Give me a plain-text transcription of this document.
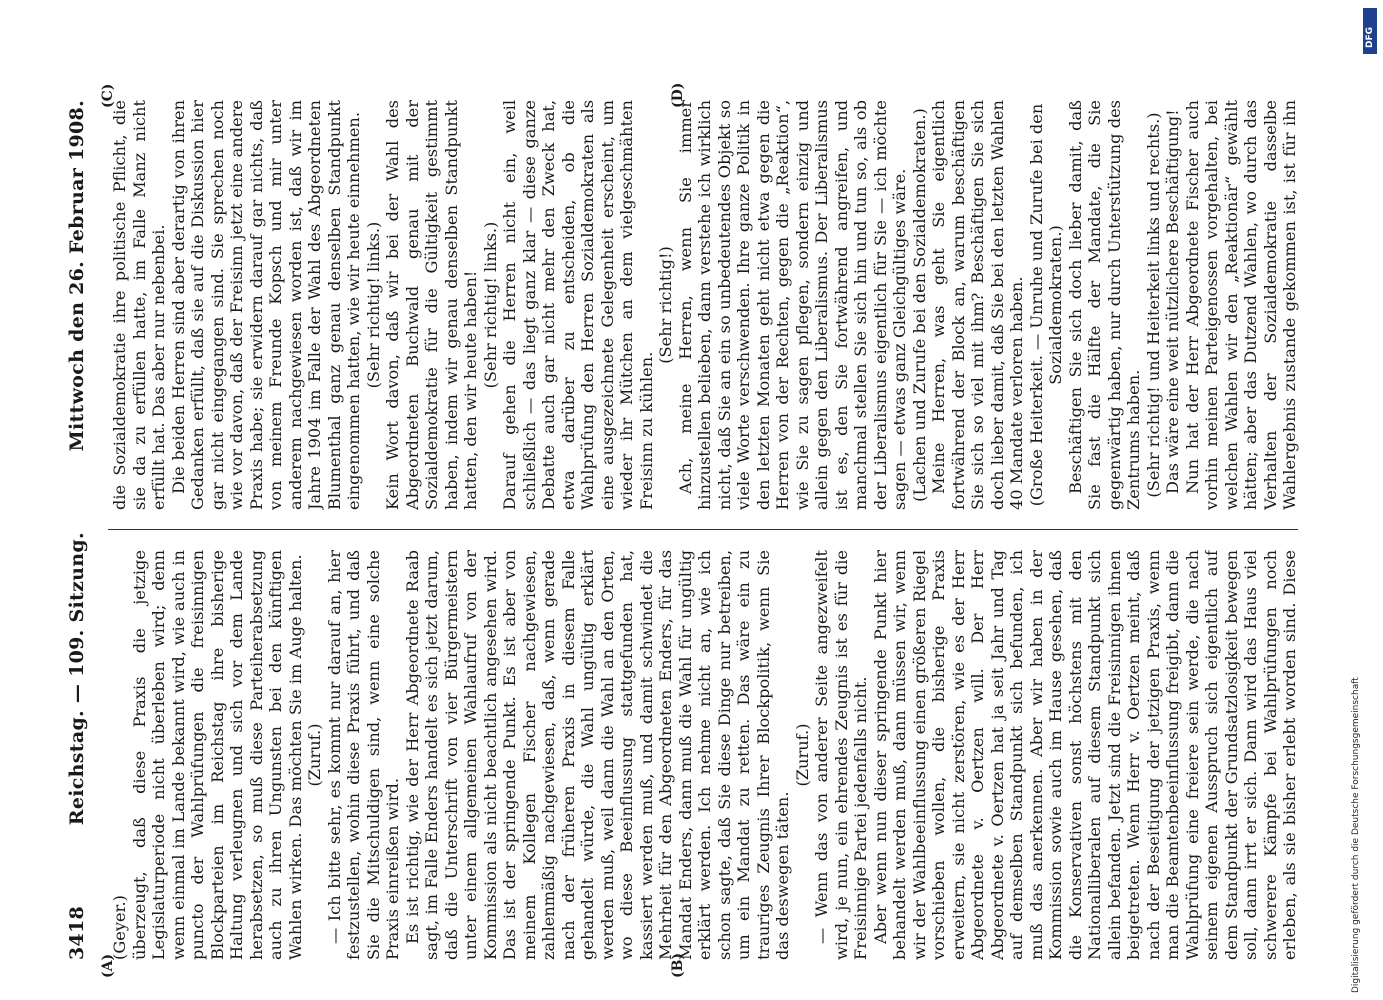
3418
Reichstag. — 109. Sitzung.
Mittwoch den 26. Februar 1908.

(Geyer.) überzeugt, daß diese Praxis die jetzige Legislaturperiode nicht überleben wird; denn wenn einmal im Lande bekannt wird, wie auch in puncto der Wahlprüfungen die freisinnigen Blockparteien im Reichstag ihre bisherige Haltung verleugnen und sich vor dem Lande herabsetzen, so muß diese Parteiherabsetzung auch zu ihren Ungunsten bei den künftigen Wahlen wirken. Das möchten Sie im Auge halten. (Zuruf.) — Ich bitte sehr, es kommt nur darauf an, hier festzustellen, wohin diese Praxis führt, und daß Sie die Mitschuldigen sind, wenn eine solche Praxis einreißen wird. Es ist richtig, wie der Herr Abgeordnete Raab sagt, im Falle Enders handelt es sich jetzt darum, daß die Unterschrift von vier Bürgermeistern unter einem allgemeinen Wahlaufruf von der Kommission als nicht beachtlich angesehen wird. Das ist der springende Punkt. Es ist aber von meinem Kollegen Fischer nachgewiesen, zahlenmäßig nachgewiesen, daß, wenn gerade nach der früheren Praxis in diesem Falle gehandelt würde, die Wahl ungültig erklärt werden muß, weil dann die Wahl an den Orten, wo diese Beeinflussung stattgefunden hat, kassiert werden muß, und damit schwindet die Mehrheit für den Abgeordneten Enders, für das Mandat Enders, dann muß die Wahl für ungültig erklärt werden. Ich nehme nicht an, wie ich schon sagte, daß Sie diese Dinge nur betreiben, um ein Mandat zu retten. Das wäre ein zu trauriges Zeugnis Ihrer Blockpolitik, wenn Sie das deswegen täten.

(Zuruf.) — Wenn das von anderer Seite angezweifelt wird, je nun, ein ehrendes Zeugnis ist es für die Freisinnige Partei jedenfalls nicht. Aber wenn nun dieser springende Punkt hier behandelt werden muß, dann müssen wir, wenn wir der Wahlbeeinflussung einen größeren Riegel vorschieben wollen, die bisherige Praxis erweitern, sie nicht zerstören, wie es der Herr Abgeordnete v. Oertzen will. Der Herr Abgeordnete v. Oertzen hat ja seit Jahr und Tag auf demselben Standpunkt sich befunden, ich muß das anerkennen. Aber wir haben in der Kommission sowie auch im Hause gesehen, daß die Konservativen sonst höchstens mit den Nationalliberalen auf diesem Standpunkt sich allein befanden. Jetzt sind die Freisinnigen ihnen beigetreten. Wenn Herr v. Oertzen meint, daß nach der Beseitigung der jetzigen Praxis, wenn man die Beamtenbeeinflussung freigibt, dann die Wahlprüfung eine freiere sein werde, die nach seinem eigenen Ausspruch sich eigentlich auf dem Standpunkt der Grundsatzlosigkeit bewegen soll, dann irrt er sich. Dann wird das Haus viel schwerere Kämpfe bei Wahlprüfungen noch erleben, als sie bisher erlebt worden sind. Diese

die Sozialdemokratie ihre politische Pflicht, die sie da zu erfüllen hatte, im Falle Manz nicht erfüllt hat. Das aber nur nebenbei. Die beiden Herren sind aber derartig von ihren Gedanken erfüllt, daß sie auf die Diskussion hier gar nicht eingegangen sind. Sie sprechen noch wie vor davon, daß der Freisinn jetzt eine andere Praxis habe; sie erwidern darauf gar nichts, daß von meinem Freunde Kopsch und mir unter anderem nachgewiesen worden ist, daß wir im Jahre 1904 im Falle der Wahl des Abgeordneten Blumenthal ganz genau denselben Standpunkt eingenommen hatten, wie wir heute einnehmen. (Sehr richtig! links.) Kein Wort davon, daß wir bei der Wahl des Abgeordneten Buchwald genau mit der Sozialdemokratie für die Gültigkeit gestimmt haben, indem wir genau denselben Standpunkt hatten, den wir heute haben! (Sehr richtig! links.) Darauf gehen die Herren nicht ein, weil schließlich — das liegt ganz klar — diese ganze Debatte auch gar nicht mehr den Zweck hat, etwa darüber zu entscheiden, ob die Wahlprüfung den Herren Sozialdemokraten als eine ausgezeichnete Gelegenheit erscheint, um wieder ihr Mütchen an dem vielgeschmähten Freisinn zu kühlen.

(Sehr richtig!) Ach, meine Herren, wenn Sie immer hinzustellen belieben, dann verstehe ich wirklich nicht, daß Sie an ein so unbedeutendes Objekt so viele Worte verschwenden. Ihre ganze Politik in den letzten Monaten geht nicht etwa gegen die Herren von der Rechten, gegen die „Reaktion“, wie Sie zu sagen pflegen, sondern einzig und allein gegen den Liberalismus. Der Liberalismus ist es, den Sie fortwährend angreifen, und manchmal stellen Sie sich hin und tun so, als ob der Liberalismus eigentlich für Sie — ich möchte sagen — etwas ganz Gleichgültiges wäre. (Lachen und Zurufe bei den Sozialdemokraten.) Meine Herren, was geht Sie eigentlich fortwährend der Block an, warum beschäftigen Sie sich so viel mit ihm? Beschäftigen Sie sich doch lieber damit, daß Sie bei den letzten Wahlen 40 Mandate verloren haben. (Große Heiterkeit. — Unruhe und Zurufe bei den Sozialdemokraten.) Beschäftigen Sie sich doch lieber damit, daß Sie fast die Hälfte der Mandate, die Sie gegenwärtig haben, nur durch Unterstützung des Zentrums haben. (Sehr richtig! und Heiterkeit links und rechts.) Das wäre eine weit nützlichere Beschäftigung! Nun hat der Herr Abgeordnete Fischer auch vorhin meinen Parteigenossen vorgehalten, bei welchen Wahlen wir den „Reaktionär“ gewählt hätten; aber das Dutzend Wahlen, wo durch das Verhalten der Sozialdemokratie dasselbe Wahlergebnis zustande gekommen ist, ist für ihn

(A)	(B)
(C)	(D)
Digitalisierung gefördert durch die Deutsche Forschungsgemeinschaft
DFG
